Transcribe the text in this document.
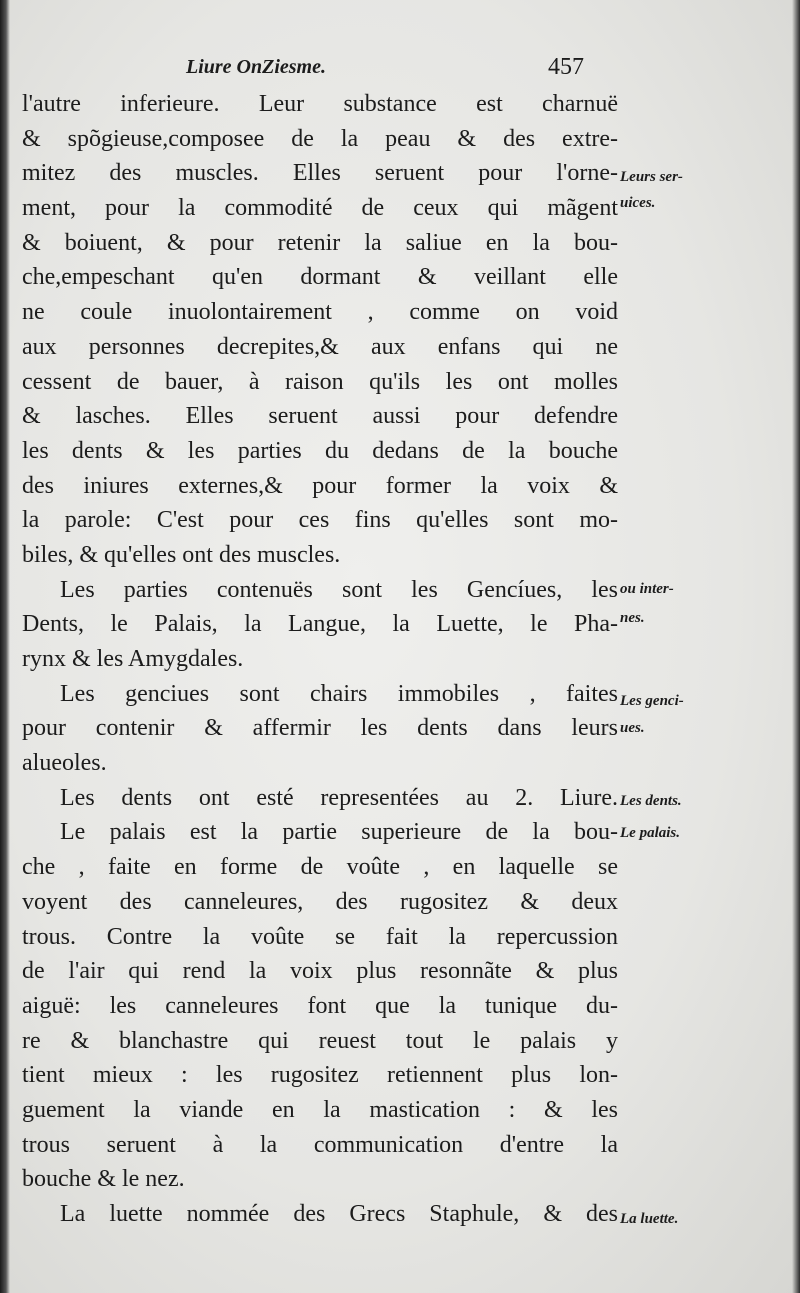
Liure OnZiesme.	457
l'autre inferieure. Leur substance est charnuë
& spõgieuse,composee de la peau & des extre-
mitez des muscles. Elles seruent pour l'orne-
ment, pour la commodité de ceux qui mãgent
& boiuent, & pour retenir la saliue en la bou-
che,empeschant qu'en dormant & veillant elle
ne coule inuolontairement , comme on void
aux personnes decrepites,& aux enfans qui ne
cessent de bauer, à raison qu'ils les ont molles
& lasches. Elles seruent aussi pour defendre
les dents & les parties du dedans de la bouche
des iniures externes,& pour former la voix &
la parole: C'est pour ces fins qu'elles sont mo-
biles, & qu'elles ont des muscles.
Les parties contenuës sont les Gencíues, les
Dents, le Palais, la Langue, la Luette, le Pha-
rynx & les Amygdales.
Les genciues sont chairs immobiles , faites
pour contenir & affermir les dents dans leurs
alueoles.
Les dents ont esté representées au 2. Liure.
Le palais est la partie superieure de la bou-
che , faite en forme de voûte , en laquelle se
voyent des canneleures, des rugositez & deux
trous. Contre la voûte se fait la repercussion
de l'air qui rend la voix plus resonnãte & plus
aiguë: les canneleures font que la tunique du-
re & blanchastre qui reuest tout le palais y
tient mieux : les rugositez retiennent plus lon-
guement la viande en la mastication : & les
trous seruent à la communication d'entre la
bouche & le nez.
La luette nommée des Grecs Staphule, & des
Leurs ser-
uices.
ou inter-
nes.
Les genci-
ues.
Les dents.
Le palais.
La luette.
